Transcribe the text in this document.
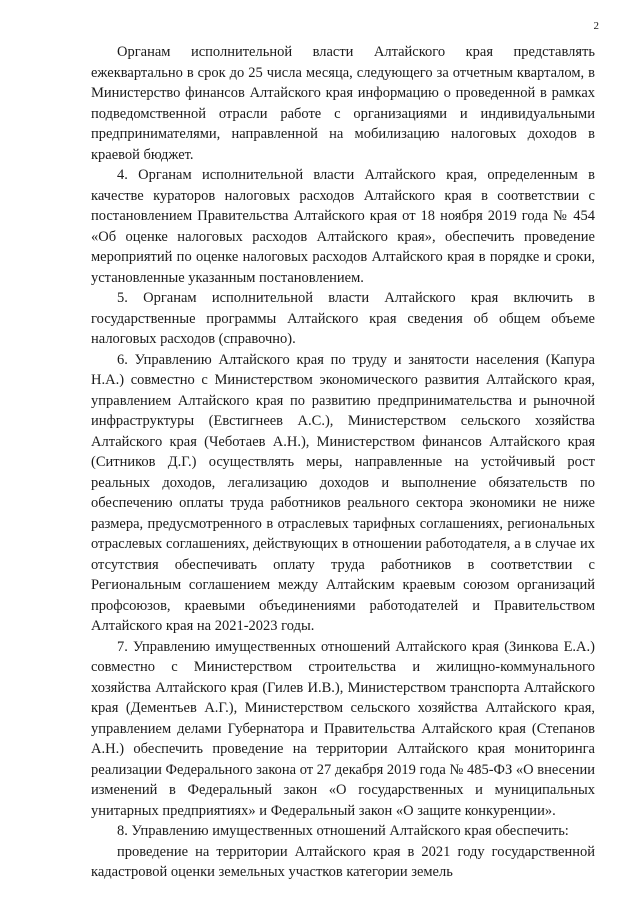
2

Органам исполнительной власти Алтайского края представлять ежеквартально в срок до 25 числа месяца, следующего за отчетным кварталом, в Министерство финансов Алтайского края информацию о проведенной в рамках подведомственной отрасли работе с организациями и индивидуальными предпринимателями, направленной на мобилизацию налоговых доходов в краевой бюджет.

4. Органам исполнительной власти Алтайского края, определенным в качестве кураторов налоговых расходов Алтайского края в соответствии с постановлением Правительства Алтайского края от 18 ноября 2019 года № 454 «Об оценке налоговых расходов Алтайского края», обеспечить проведение мероприятий по оценке налоговых расходов Алтайского края в порядке и сроки, установленные указанным постановлением.

5. Органам исполнительной власти Алтайского края включить в государственные программы Алтайского края сведения об общем объеме налоговых расходов (справочно).

6. Управлению Алтайского края по труду и занятости населения (Капура Н.А.) совместно с Министерством экономического развития Алтайского края, управлением Алтайского края по развитию предпринимательства и рыночной инфраструктуры (Евстигнеев А.С.), Министерством сельского хозяйства Алтайского края (Чеботаев А.Н.), Министерством финансов Алтайского края (Ситников Д.Г.) осуществлять меры, направленные на устойчивый рост реальных доходов, легализацию доходов и выполнение обязательств по обеспечению оплаты труда работников реального сектора экономики не ниже размера, предусмотренного в отраслевых тарифных соглашениях, региональных отраслевых соглашениях, действующих в отношении работодателя, а в случае их отсутствия обеспечивать оплату труда работников в соответствии с Региональным соглашением между Алтайским краевым союзом организаций профсоюзов, краевыми объединениями работодателей и Правительством Алтайского края на 2021-2023 годы.

7. Управлению имущественных отношений Алтайского края (Зинкова Е.А.) совместно с Министерством строительства и жилищно-коммунального хозяйства Алтайского края (Гилев И.В.), Министерством транспорта Алтайского края (Дементьев А.Г.), Министерством сельского хозяйства Алтайского края, управлением делами Губернатора и Правительства Алтайского края (Степанов А.Н.) обеспечить проведение на территории Алтайского края мониторинга реализации Федерального закона от 27 декабря 2019 года № 485-ФЗ «О внесении изменений в Федеральный закон «О государственных и муниципальных унитарных предприятиях» и Федеральный закон «О защите конкуренции».

8. Управлению имущественных отношений Алтайского края обеспечить:

проведение на территории Алтайского края в 2021 году государственной кадастровой оценки земельных участков категории земель
